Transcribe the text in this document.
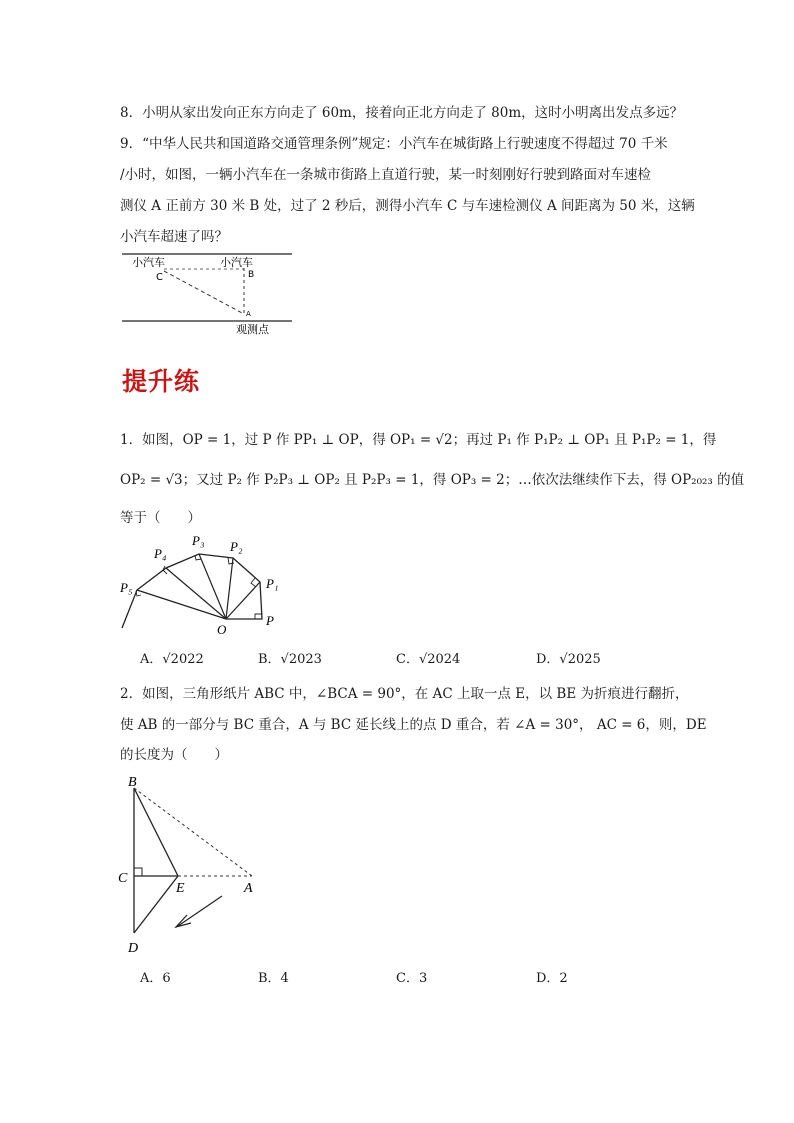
8．小明从家出发向正东方向走了 60m，接着向正北方向走了 80m，这时小明离出发点多远？
9．“中华人民共和国道路交通管理条例”规定：小汽车在城街路上行驶速度不得超过 70 千米
/小时，如图，一辆小汽车在一条城市街路上直道行驶，某一时刻刚好行驶到路面对车速检
测仪 A 正前方 30 米 B 处，过了 2 秒后，测得小汽车 C 与车速检测仪 A 间距离为 50 米，这辆
小汽车超速了吗？
小汽车	小汽车
C	B
A
观测点
提升练
1．如图，OP = 1，过 P 作 PP₁ ⊥ OP，得 OP₁ = √2；再过 P₁ 作 P₁P₂ ⊥ OP₁ 且 P₁P₂ = 1，得
OP₂ = √3；又过 P₂ 作 P₂P₃ ⊥ OP₂ 且 P₂P₃ = 1，得 OP₃ = 2；…依次法继续作下去，得 OP₂₀₂₃ 的值
等于（　　）
P₄
P₃ P₂
P₁
P₅
O
P
A．√2022	B．√2023	C．√2024	D．√2025
2．如图，三角形纸片 ABC 中，∠BCA = 90°，在 AC 上取一点 E，以 BE 为折痕进行翻折，
使 AB 的一部分与 BC 重合，A 与 BC 延长线上的点 D 重合，若 ∠A = 30°， AC = 6，则，DE
的长度为（　　）
B
C
E	A
D
A．6	B．4	C．3	D．2
